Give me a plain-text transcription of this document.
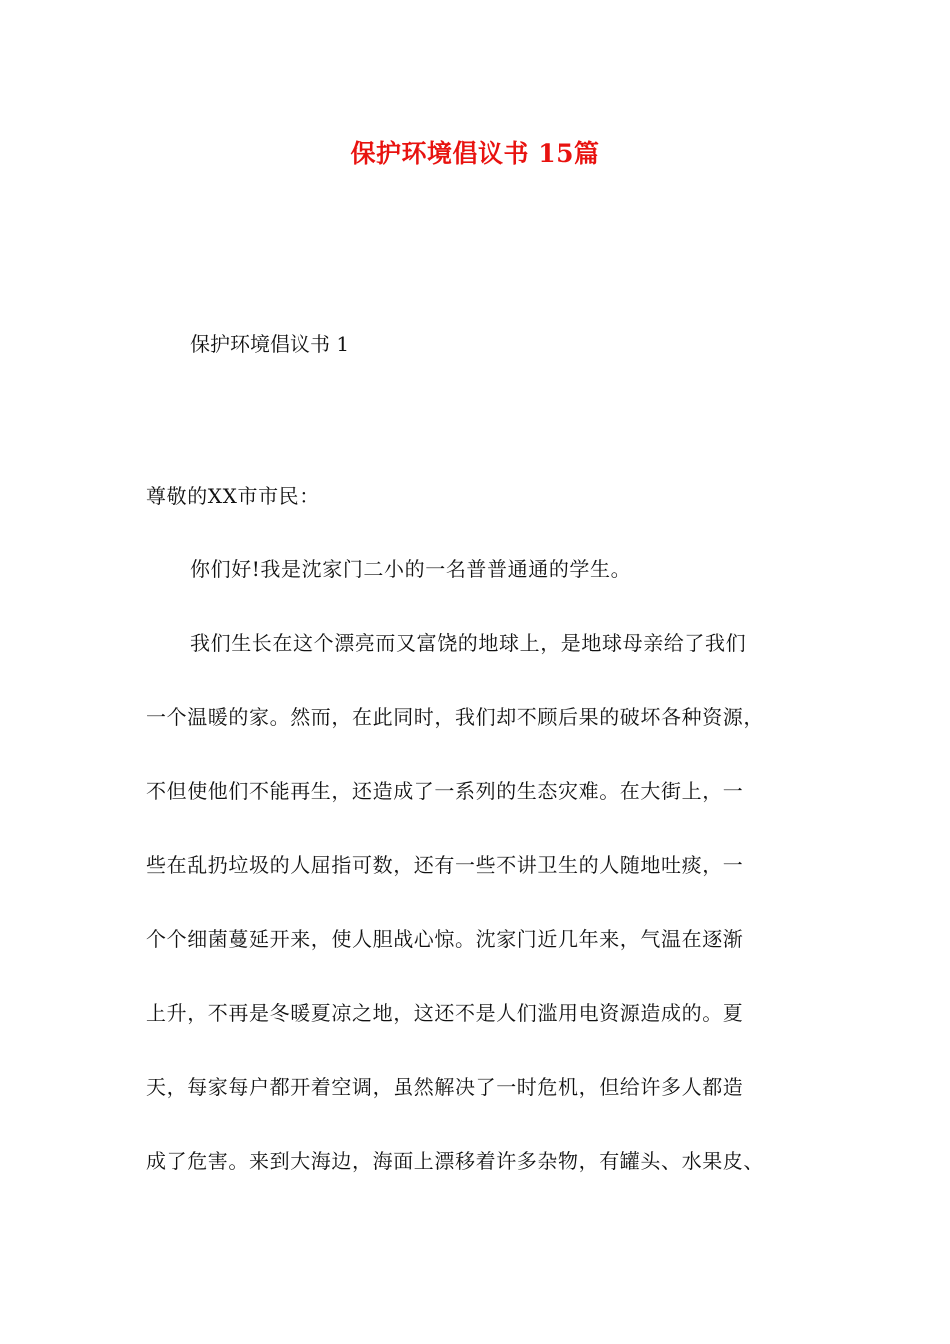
保护环境倡议书 15篇

保护环境倡议书 1

尊敬的XX市市民：

你们好!我是沈家门二小的一名普普通通的学生。

我们生长在这个漂亮而又富饶的地球上，是地球母亲给了我们

一个温暖的家。然而，在此同时，我们却不顾后果的破坏各种资源，

不但使他们不能再生，还造成了一系列的生态灾难。在大街上，一

些在乱扔垃圾的人屈指可数，还有一些不讲卫生的人随地吐痰，一

个个细菌蔓延开来，使人胆战心惊。沈家门近几年来，气温在逐渐

上升，不再是冬暖夏凉之地，这还不是人们滥用电资源造成的。夏

天，每家每户都开着空调，虽然解决了一时危机，但给许多人都造

成了危害。来到大海边，海面上漂移着许多杂物，有罐头、水果皮、
